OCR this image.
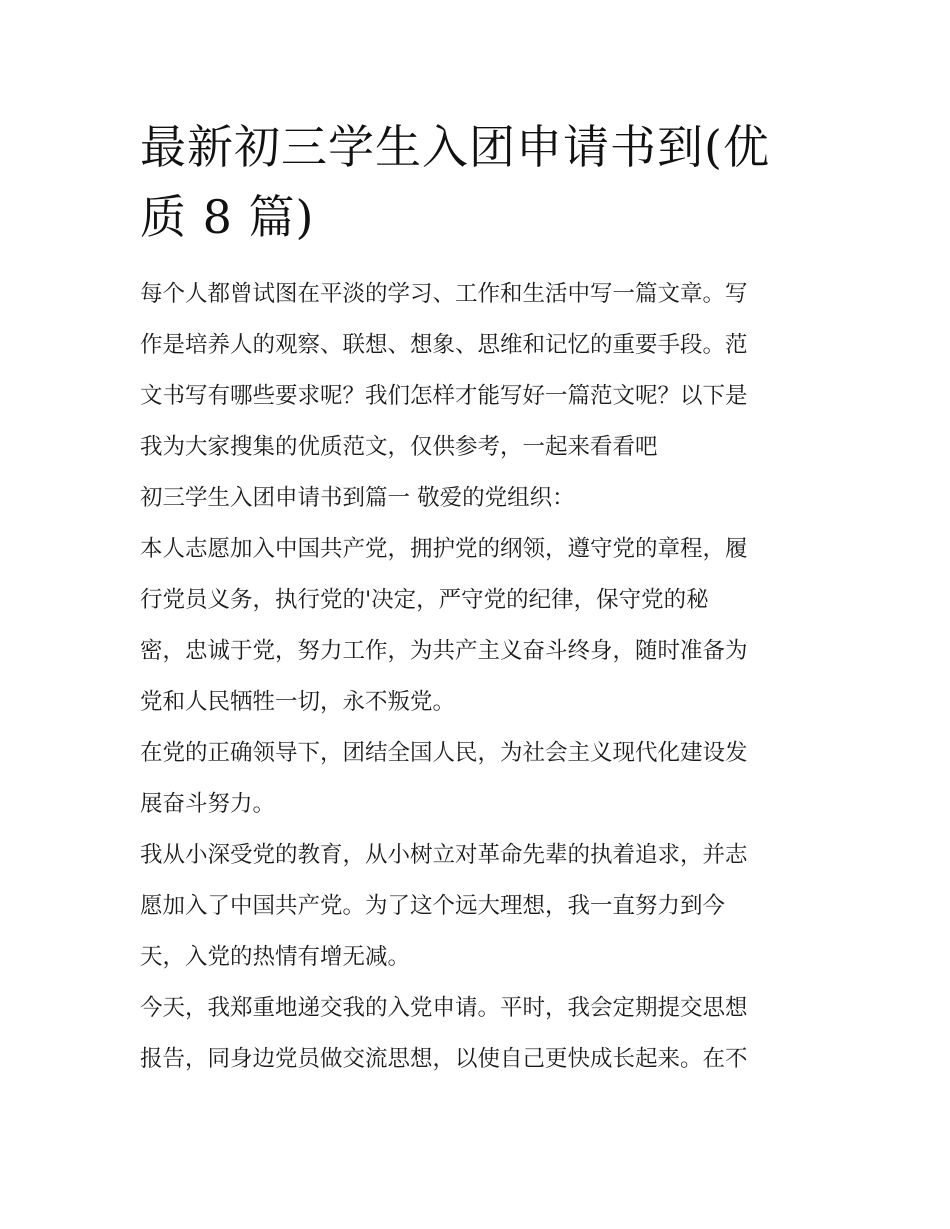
最新初三学生入团申请书到(优
质 8 篇)

每个人都曾试图在平淡的学习、工作和生活中写一篇文章。写
作是培养人的观察、联想、想象、思维和记忆的重要手段。范
文书写有哪些要求呢？我们怎样才能写好一篇范文呢？以下是
我为大家搜集的优质范文，仅供参考，一起来看看吧

初三学生入团申请书到篇一 敬爱的党组织：

本人志愿加入中国共产党，拥护党的纲领，遵守党的章程，履
行党员义务，执行党的'决定，严守党的纪律，保守党的秘
密，忠诚于党，努力工作，为共产主义奋斗终身，随时准备为
党和人民牺牲一切，永不叛党。

在党的正确领导下，团结全国人民，为社会主义现代化建设发
展奋斗努力。

我从小深受党的教育，从小树立对革命先辈的执着追求，并志
愿加入了中国共产党。为了这个远大理想，我一直努力到今
天，入党的热情有增无减。

今天，我郑重地递交我的入党申请。平时，我会定期提交思想
报告，同身边党员做交流思想，以使自己更快成长起来。在不
